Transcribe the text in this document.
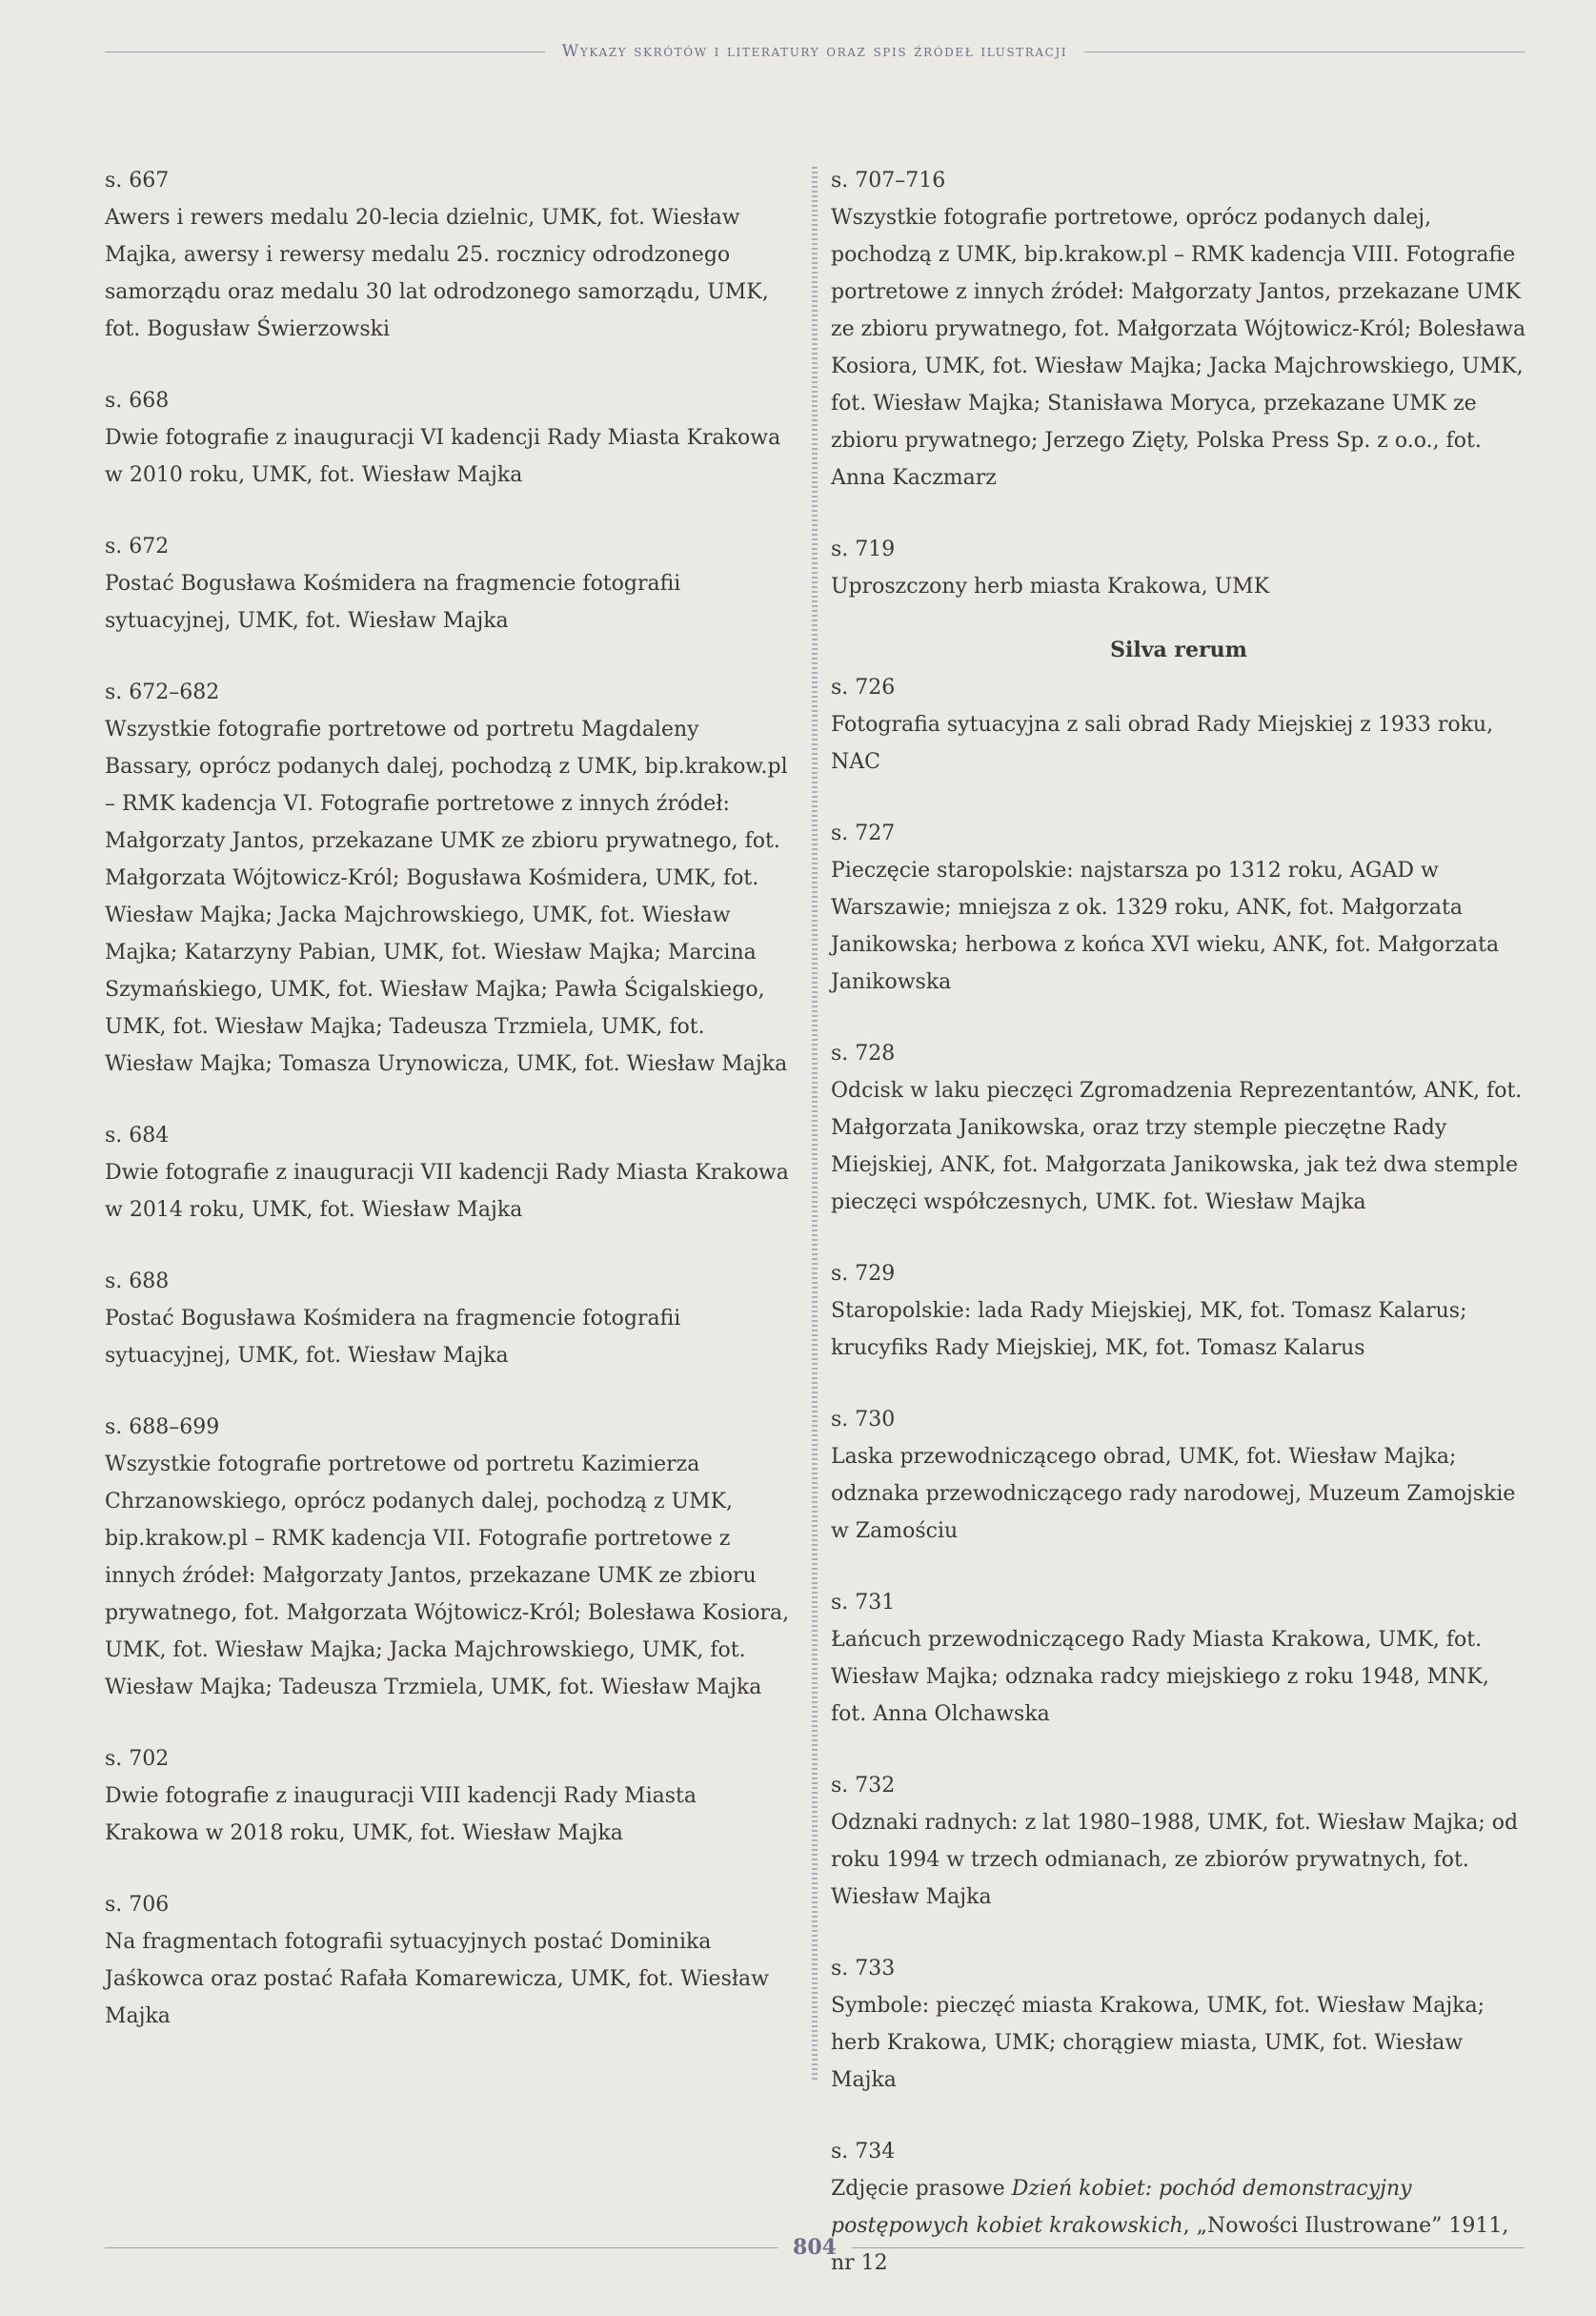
Wykazy skrótów i literatury oraz spis źródeł ilustracji
s. 667
Awers i rewers medalu 20-lecia dzielnic, UMK, fot. Wiesław Majka, awersy i rewersy medalu 25. rocznicy odrodzonego samorządu oraz medalu 30 lat odrodzonego samorządu, UMK, fot. Bogusław Świerzowski
s. 668
Dwie fotografie z inauguracji VI kadencji Rady Miasta Krakowa w 2010 roku, UMK, fot. Wiesław Majka
s. 672
Postać Bogusława Kośmidera na fragmencie fotografii sytuacyjnej, UMK, fot. Wiesław Majka
s. 672–682
Wszystkie fotografie portretowe od portretu Magdaleny Bassary, oprócz podanych dalej, pochodzą z UMK, bip.krakow.pl – RMK kadencja VI. Fotografie portretowe z innych źródeł: Małgorzaty Jantos, przekazane UMK ze zbioru prywatnego, fot. Małgorzata Wójtowicz-Król; Bogusława Kośmidera, UMK, fot. Wiesław Majka; Jacka Majchrowskiego, UMK, fot. Wiesław Majka; Katarzyny Pabian, UMK, fot. Wiesław Majka; Marcina Szymańskiego, UMK, fot. Wiesław Majka; Pawła Ścigalskiego, UMK, fot. Wiesław Majka; Tadeusza Trzmiela, UMK, fot. Wiesław Majka; Tomasza Urynowicza, UMK, fot. Wiesław Majka
s. 684
Dwie fotografie z inauguracji VII kadencji Rady Miasta Krakowa w 2014 roku, UMK, fot. Wiesław Majka
s. 688
Postać Bogusława Kośmidera na fragmencie fotografii sytuacyjnej, UMK, fot. Wiesław Majka
s. 688–699
Wszystkie fotografie portretowe od portretu Kazimierza Chrzanowskiego, oprócz podanych dalej, pochodzą z UMK, bip.krakow.pl – RMK kadencja VII. Fotografie portretowe z innych źródeł: Małgorzaty Jantos, przekazane UMK ze zbioru prywatnego, fot. Małgorzata Wójtowicz-Król; Bolesława Kosiora, UMK, fot. Wiesław Majka; Jacka Majchrowskiego, UMK, fot. Wiesław Majka; Tadeusza Trzmiela, UMK, fot. Wiesław Majka
s. 702
Dwie fotografie z inauguracji VIII kadencji Rady Miasta Krakowa w 2018 roku, UMK, fot. Wiesław Majka
s. 706
Na fragmentach fotografii sytuacyjnych postać Dominika Jaśkowca oraz postać Rafała Komarewicza, UMK, fot. Wiesław Majka
s. 707–716
Wszystkie fotografie portretowe, oprócz podanych dalej, pochodzą z UMK, bip.krakow.pl – RMK kadencja VIII. Fotografie portretowe z innych źródeł: Małgorzaty Jantos, przekazane UMK ze zbioru prywatnego, fot. Małgorzata Wójtowicz-Król; Bolesława Kosiora, UMK, fot. Wiesław Majka; Jacka Majchrowskiego, UMK, fot. Wiesław Majka; Stanisława Moryca, przekazane UMK ze zbioru prywatnego; Jerzego Zięty, Polska Press Sp. z o.o., fot. Anna Kaczmarz
s. 719
Uproszczony herb miasta Krakowa, UMK
Silva rerum
s. 726
Fotografia sytuacyjna z sali obrad Rady Miejskiej z 1933 roku, NAC
s. 727
Pieczęcie staropolskie: najstarsza po 1312 roku, AGAD w Warszawie; mniejsza z ok. 1329 roku, ANK, fot. Małgorzata Janikowska; herbowa z końca XVI wieku, ANK, fot. Małgorzata Janikowska
s. 728
Odcisk w laku pieczęci Zgromadzenia Reprezentantów, ANK, fot. Małgorzata Janikowska, oraz trzy stemple pieczętne Rady Miejskiej, ANK, fot. Małgorzata Janikowska, jak też dwa stemple pieczęci współczesnych, UMK. fot. Wiesław Majka
s. 729
Staropolskie: lada Rady Miejskiej, MK, fot. Tomasz Kalarus; krucyfiks Rady Miejskiej, MK, fot. Tomasz Kalarus
s. 730
Laska przewodniczącego obrad, UMK, fot. Wiesław Majka; odznaka przewodniczącego rady narodowej, Muzeum Zamojskie w Zamościu
s. 731
Łańcuch przewodniczącego Rady Miasta Krakowa, UMK, fot. Wiesław Majka; odznaka radcy miejskiego z roku 1948, MNK, fot. Anna Olchawska
s. 732
Odznaki radnych: z lat 1980–1988, UMK, fot. Wiesław Majka; od roku 1994 w trzech odmianach, ze zbiorów prywatnych, fot. Wiesław Majka
s. 733
Symbole: pieczęć miasta Krakowa, UMK, fot. Wiesław Majka; herb Krakowa, UMK; chorągiew miasta, UMK, fot. Wiesław Majka
s. 734
Zdjęcie prasowe Dzień kobiet: pochód demonstracyjny postępowych kobiet krakowskich, „Nowości Ilustrowane” 1911, nr 12
804
